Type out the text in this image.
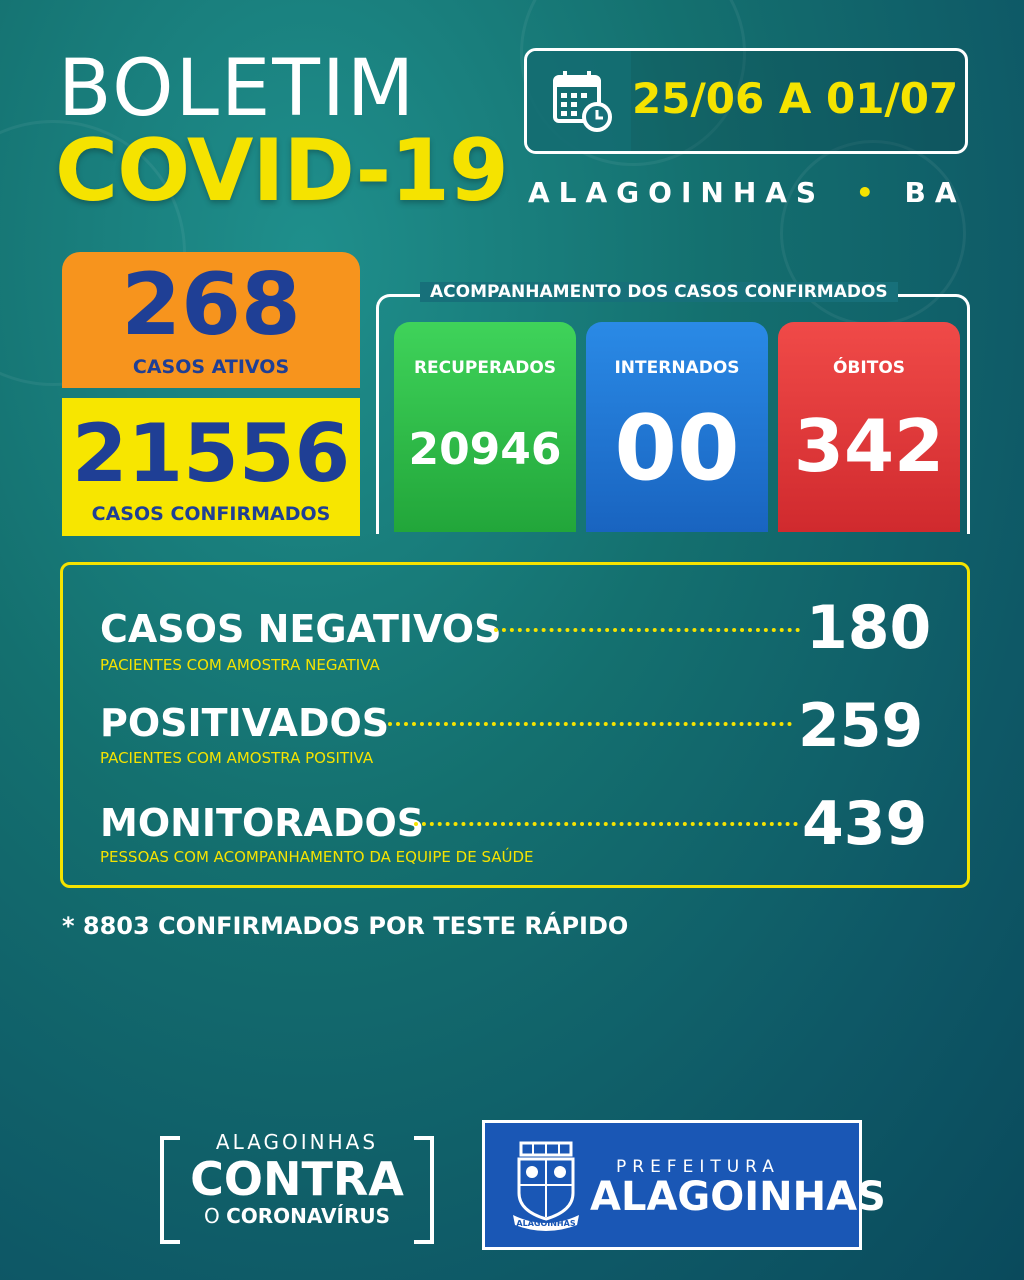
BOLETIM
COVID-19
25/06 A 01/07
ALAGOINHAS • BA
268
CASOS ATIVOS
21556
CASOS CONFIRMADOS
ACOMPANHAMENTO DOS CASOS CONFIRMADOS
RECUPERADOS
20946
INTERNADOS
00
ÓBITOS
342
CASOS NEGATIVOS
PACIENTES COM AMOSTRA NEGATIVA
180
POSITIVADOS
PACIENTES COM AMOSTRA POSITIVA	259
MONITORADOS
PESSOAS COM ACOMPANHAMENTO DA EQUIPE DE SAÚDE	439
* 8803 CONFIRMADOS POR TESTE RÁPIDO
ALAGOINHAS
CONTRA
O CORONAVÍRUS	ALAGOINHAS
PREFEITURA
ALAGOINHAS
